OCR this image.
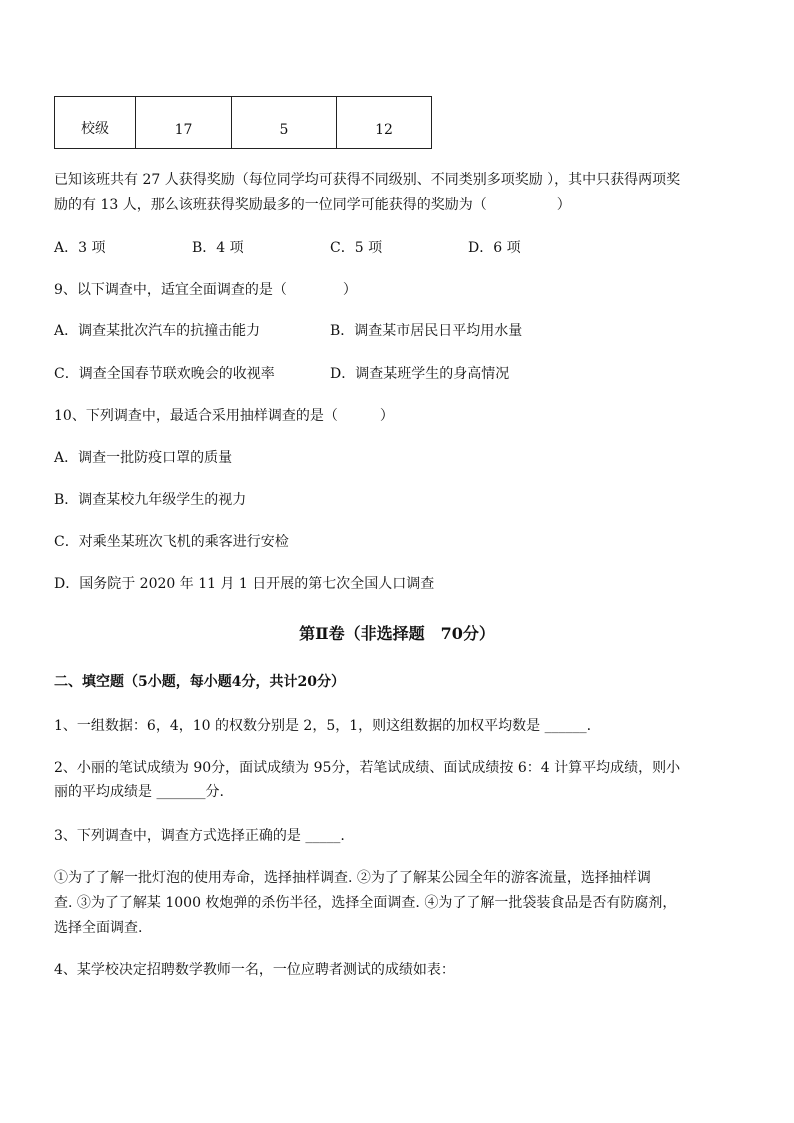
校级	17	5	12
已知该班共有 27 人获得奖励（每位同学均可获得不同级别、不同类别多项奖励 ），其中只获得两项奖
励的有 13 人，那么该班获得奖励最多的一位同学可能获得的奖励为（　　　　　）
A．3 项	B．4 项	C．5 项	D．6 项
9、以下调查中，适宜全面调查的是（　　　　）
A．调查某批次汽车的抗撞击能力	B．调查某市居民日平均用水量
C．调查全国春节联欢晚会的收视率	D．调查某班学生的身高情况
10、下列调查中，最适合采用抽样调查的是（　　　）
A．调查一批防疫口罩的质量
B．调查某校九年级学生的视力
C．对乘坐某班次飞机的乘客进行安检
D．国务院于 2020 年 11 月 1 日开展的第七次全国人口调查
第Ⅱ卷（非选择题　70分）
二、填空题（5小题，每小题4分，共计20分）
1、一组数据：6，4，10 的权数分别是 2，5，1，则这组数据的加权平均数是 ______.
2、小丽的笔试成绩为 90分，面试成绩为 95分，若笔试成绩、面试成绩按 6：4 计算平均成绩，则小
丽的平均成绩是 _______分.
3、下列调查中，调查方式选择正确的是 _____.
①为了了解一批灯泡的使用寿命，选择抽样调查. ②为了了解某公园全年的游客流量，选择抽样调
查. ③为了了解某 1000 枚炮弹的杀伤半径，选择全面调查. ④为了了解一批袋装食品是否有防腐剂，
选择全面调查.
4、某学校决定招聘数学教师一名，一位应聘者测试的成绩如表：
